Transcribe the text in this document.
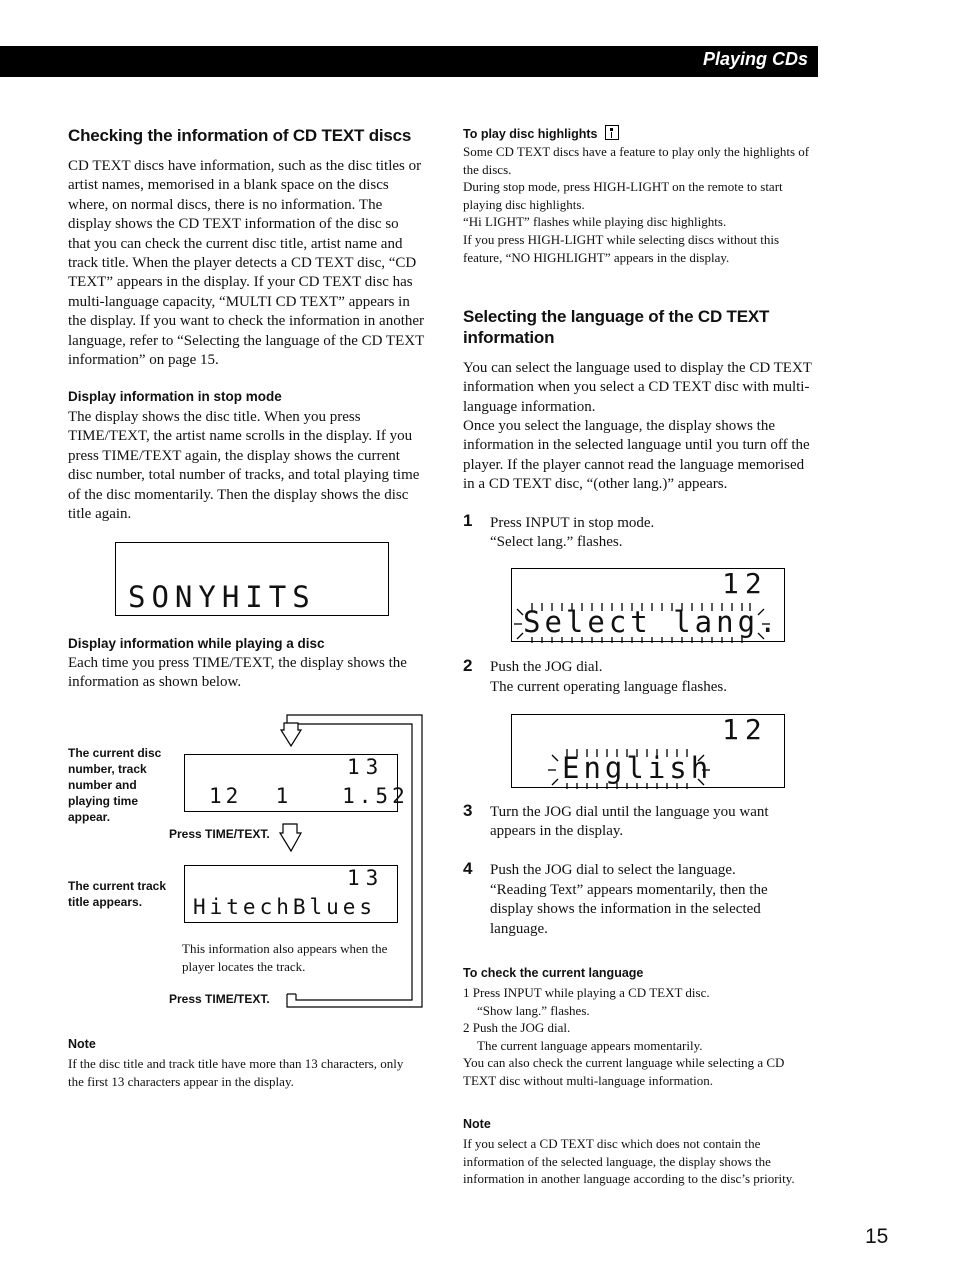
Playing CDs
Checking the information of CD TEXT discs

CD TEXT discs have information, such as the disc titles or artist names, memorised in a blank space on the discs where, on normal discs, there is no information. The display shows the CD TEXT information of the disc so that you can check the current disc title, artist name and track title. When the player detects a CD TEXT disc, “CD TEXT” appears in the display. If your CD TEXT disc has multi-language capacity, “MULTI CD TEXT” appears in the display. If you want to check the information in another language, refer to “Selecting the language of the CD TEXT information” on page 15.

Display information in stop mode

The display shows the disc title. When you press TIME/TEXT, the artist name scrolls in the display. If you press TIME/TEXT again, the display shows the current disc number, total number of tracks, and total playing time of the disc momentarily. Then the display shows the disc title again.

SONYHITS
Display information while playing a disc

Each time you press TIME/TEXT, the display shows the information as shown below.

The current disc number, track number and playing time appear.
13
12  1   1.52
Press TIME/TEXT.
The current track title appears.
13
HitechBlues

This information also appears when the player locates the track.

Press TIME/TEXT.
Note

If the disc title and track title have more than 13 characters, only the first 13 characters appear in the display.

To play disc highlights

Some CD TEXT discs have a feature to play only the highlights of the discs.

During stop mode, press HIGH-LIGHT on the remote to start playing disc highlights.

“Hi LIGHT” flashes while playing disc highlights.

If you press HIGH-LIGHT while selecting discs without this feature, “NO HIGHLIGHT” appears in the display.

Selecting the language of the CD TEXT information

You can select the language used to display the CD TEXT information when you select a CD TEXT disc with multi-language information.

Once you select the language, the display shows the information in the selected language until you turn off the player. If the player cannot read the language memorised in a CD TEXT disc, “(other lang.)” appears.

1 Press INPUT in stop mode.

“Select lang.” flashes.

12
Select lang.
2 Push the JOG dial.

The current operating language flashes.

12
English
3 Turn the JOG dial until the language you want appears in the display.

4 Push the JOG dial to select the language.

“Reading Text” appears momentarily, then the display shows the information in the selected language.

To check the current language

1 Press INPUT while playing a CD TEXT disc.

“Show lang.” flashes.

2 Push the JOG dial.

The current language appears momentarily.

You can also check the current language while selecting a CD TEXT disc without multi-language information.

Note

If you select a CD TEXT disc which does not contain the information of the selected language, the display shows the information in another language according to the disc’s priority.

15
